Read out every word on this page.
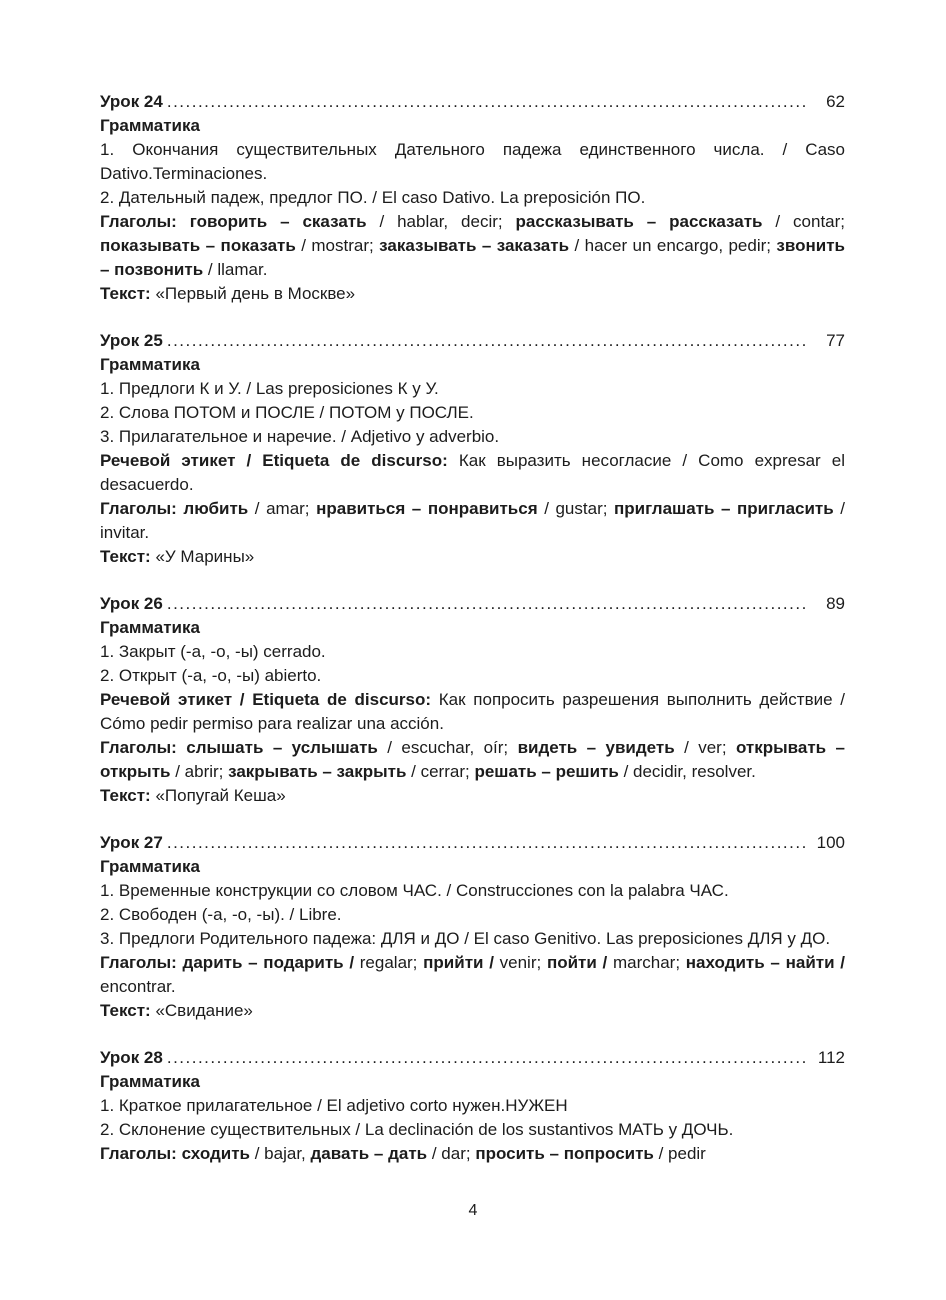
Урок 24 .....	62

Грамматика

1. Окончания существительных Дательного падежа единственного числа. / Caso Dativo.Terminaciones.

2. Дательный падеж, предлог ПО. / El caso Dativo. La preposición ПО.

Глаголы: говорить – сказать / hablar, decir; рассказывать – рассказать / contar; показывать – показать / mostrar; заказывать – заказать / hacer un encargo, pedir; звонить – позвонить / llamar.

Текст: «Первый день в Москве»

Урок 25 .....	77

Грамматика

1. Предлоги К и У. / Las preposiciones К у У.

2. Слова ПОТОМ и ПОСЛЕ / ПОТОМ у ПОСЛЕ.

3. Прилагательное и наречие. / Adjetivo y adverbio.

Речевой этикет / Etiqueta de discurso: Как выразить несогласие / Como expresar el desacuerdo.

Глаголы: любить / amar; нравиться – понравиться / gustar; приглашать – пригласить / invitar.

Текст: «У Марины»

Урок 26 .....	89

Грамматика

1. Закрыт (-а, -о, -ы) cerrado.

2. Открыт (-а, -о, -ы) abierto.

Речевой этикет / Etiqueta de discurso: Как попросить разрешения выполнить действие / Cómo pedir permiso para realizar una acción.

Глаголы: слышать – услышать / escuchar, oír; видеть – увидеть / ver; открывать – открыть / abrir; закрывать – закрыть / cerrar; решать – решить / decidir, resolver.

Текст: «Попугай Кеша»

Урок 27 .....	100

Грамматика

1. Временные конструкции со словом ЧАС. / Construcciones con la palabra ЧАС.

2. Свободен (-а, -о, -ы). / Libre.

3. Предлоги Родительного падежа: ДЛЯ и ДО / El caso Genitivo. Las preposiciones ДЛЯ у ДО.

Глаголы: дарить – подарить / regalar; прийти / venir; пойти / marchar; находить – найти / encontrar.

Текст: «Свидание»

Урок 28 .....	112

Грамматика

1. Краткое прилагательное / El adjetivo corto нужен.НУЖЕН

2. Склонение существительных / La declinación de los sustantivos МАТЬ у ДОЧЬ.

Глаголы: сходить / bajar, давать – дать / dar; просить – попросить / pedir

4
